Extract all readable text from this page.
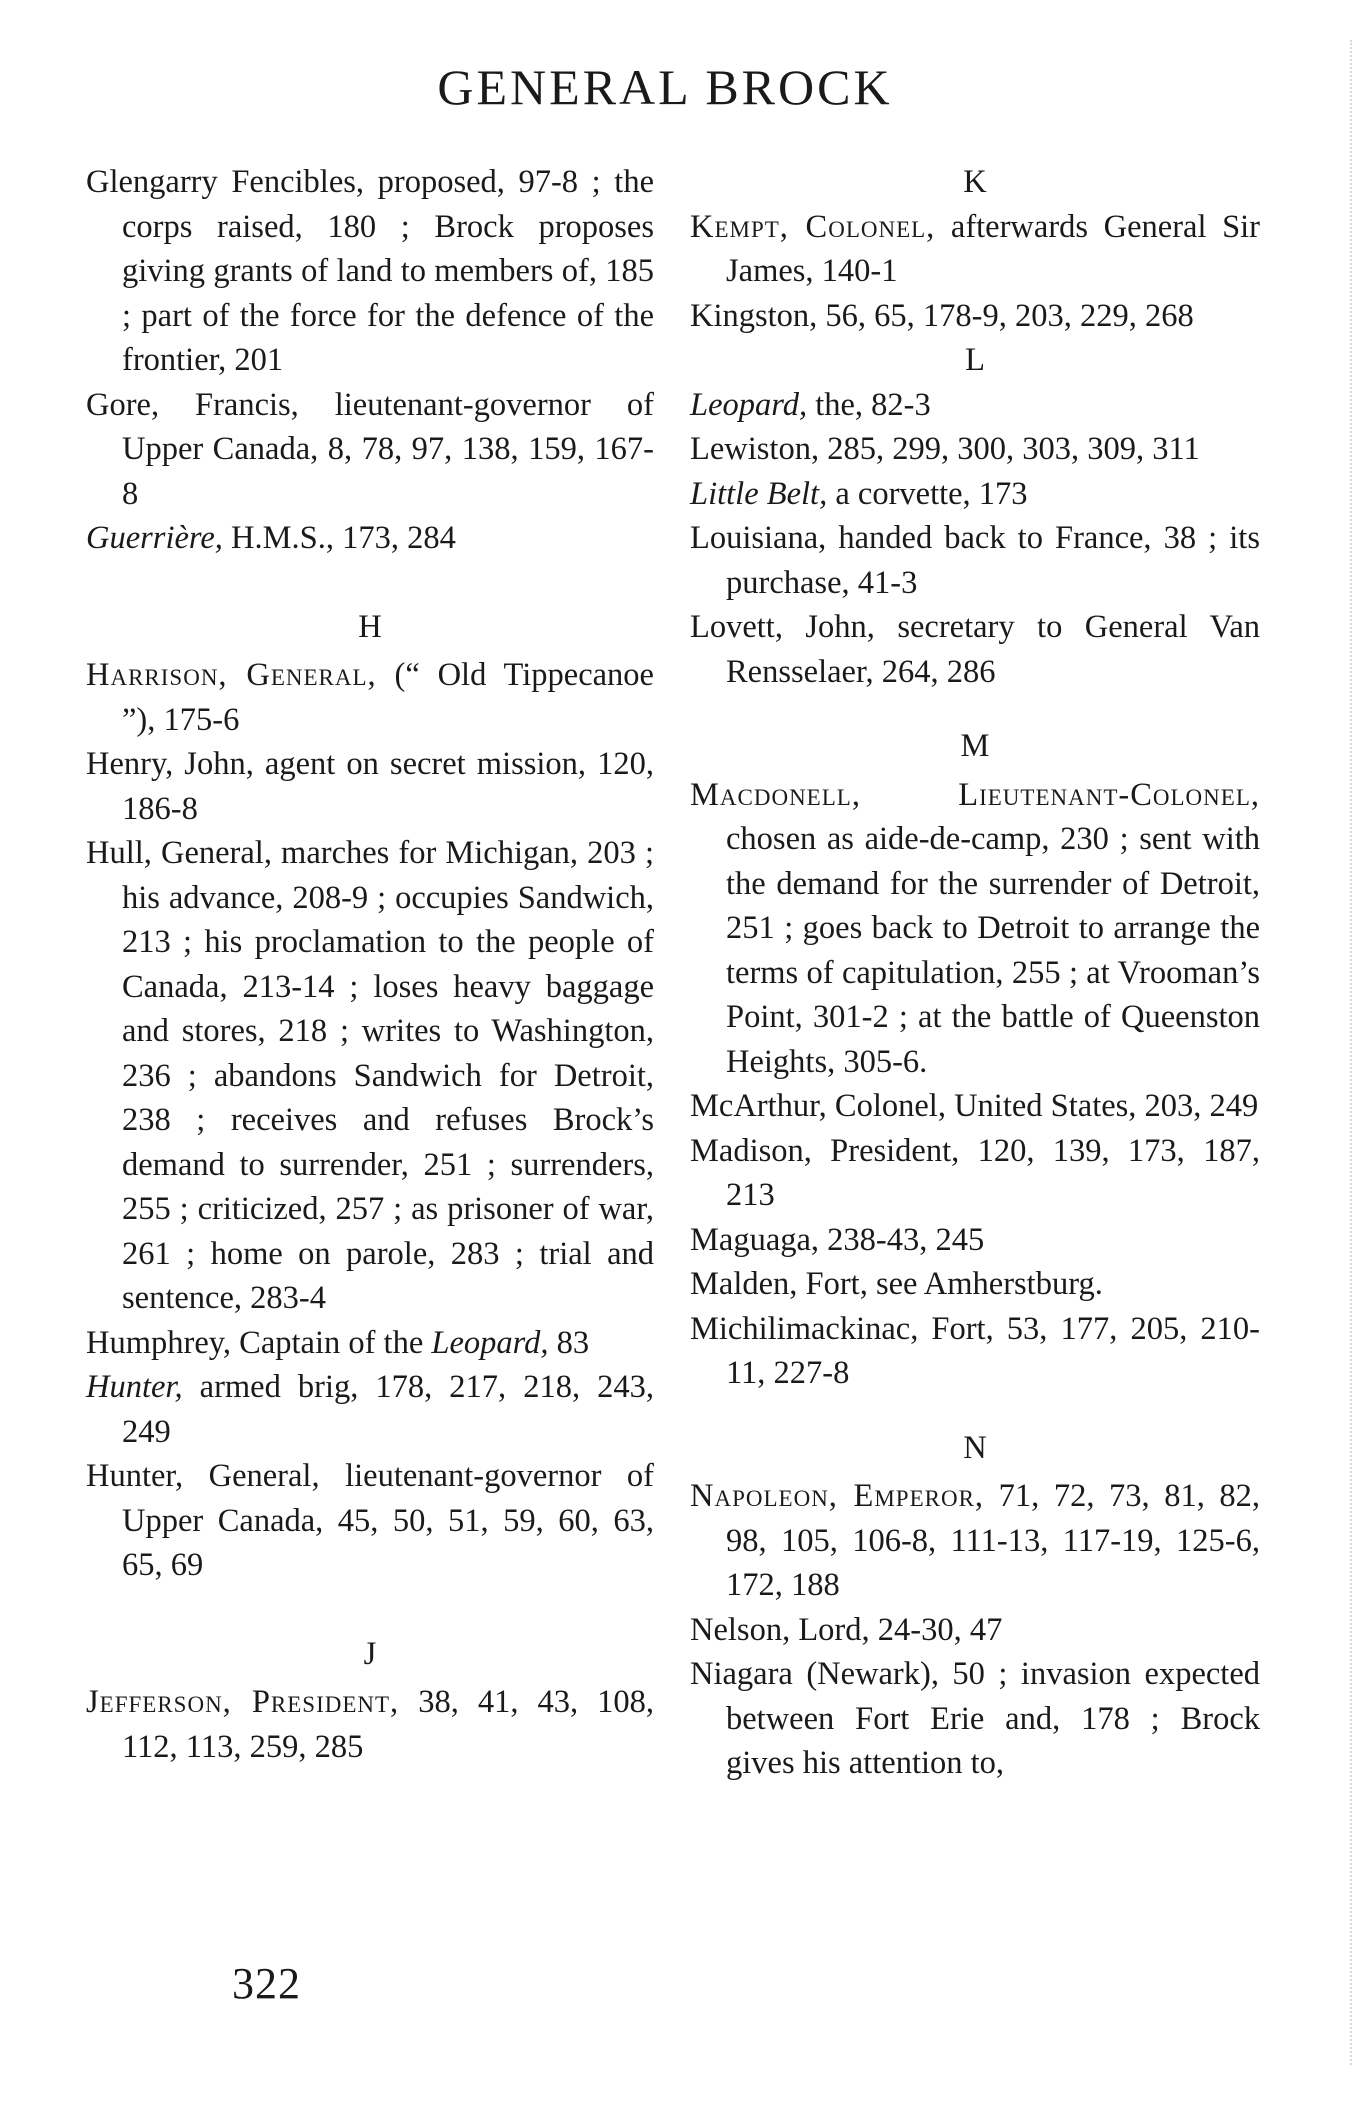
GENERAL BROCK

Glengarry Fencibles, proposed, 97-8 ; the corps raised, 180 ; Brock proposes giving grants of land to members of, 185 ; part of the force for the defence of the frontier, 201

Gore, Francis, lieutenant-governor of Upper Canada, 8, 78, 97, 138, 159, 167-8

Guerrière, H.M.S., 173, 284

H

Harrison, General, (“ Old Tippecanoe ”), 175-6

Henry, John, agent on secret mission, 120, 186-8

Hull, General, marches for Michigan, 203 ; his advance, 208-9 ; occupies Sandwich, 213 ; his proclamation to the people of Canada, 213-14 ; loses heavy baggage and stores, 218 ; writes to Washington, 236 ; abandons Sandwich for Detroit, 238 ; receives and refuses Brock’s demand to surrender, 251 ; surrenders, 255 ; criticized, 257 ; as prisoner of war, 261 ; home on parole, 283 ; trial and sentence, 283-4

Humphrey, Captain of the Leopard, 83

Hunter, armed brig, 178, 217, 218, 243, 249

Hunter, General, lieutenant-governor of Upper Canada, 45, 50, 51, 59, 60, 63, 65, 69

J

Jefferson, President, 38, 41, 43, 108, 112, 113, 259, 285

K

Kempt, Colonel, afterwards General Sir James, 140-1

Kingston, 56, 65, 178-9, 203, 229, 268

L

Leopard, the, 82-3

Lewiston, 285, 299, 300, 303, 309, 311

Little Belt, a corvette, 173

Louisiana, handed back to France, 38 ; its purchase, 41-3

Lovett, John, secretary to General Van Rensselaer, 264, 286

M

Macdonell, Lieutenant-Colonel, chosen as aide-de-camp, 230 ; sent with the demand for the surrender of Detroit, 251 ; goes back to Detroit to arrange the terms of capitulation, 255 ; at Vrooman’s Point, 301-2 ; at the battle of Queenston Heights, 305-6.

McArthur, Colonel, United States, 203, 249

Madison, President, 120, 139, 173, 187, 213

Maguaga, 238-43, 245

Malden, Fort, see Amherstburg.

Michilimackinac, Fort, 53, 177, 205, 210-11, 227-8

N

Napoleon, Emperor, 71, 72, 73, 81, 82, 98, 105, 106-8, 111-13, 117-19, 125-6, 172, 188

Nelson, Lord, 24-30, 47

Niagara (Newark), 50 ; invasion expected between Fort Erie and, 178 ; Brock gives his attention to,

322
